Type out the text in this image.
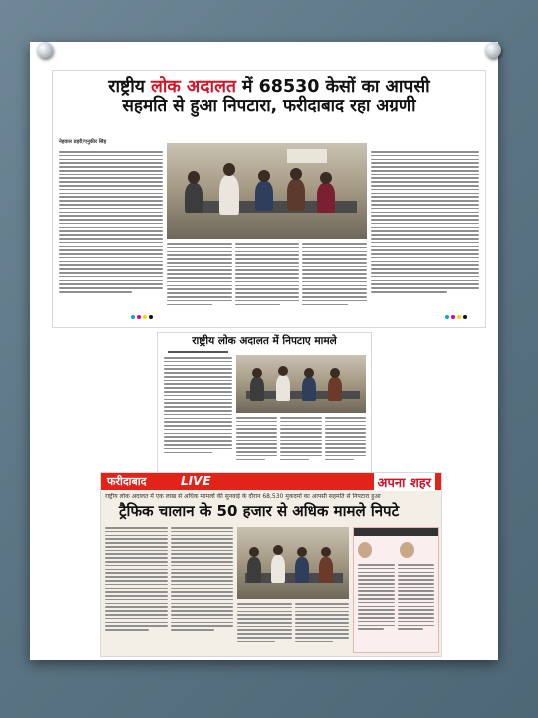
राष्ट्रीय लोक अदालत में 68530 केसों का आपसी
सहमति से हुआ निपटारा, फरीदाबाद रहा अग्रणी
नेहवाल प्रहरी/एनुकीर सिंह
राष्ट्रीय लोक अदालत में निपटाए मामले
फरीदाबाद	LIVE	अपना शहर
राष्ट्रीय लोक अदालत में एक लाख से अधिक मामलों की सुनवाई के दौरान 68,530 मुकदमों का आपसी सहमति से निपटारा हुआ
ट्रैफिक चालान के 50 हजार से अधिक मामले निपटे
